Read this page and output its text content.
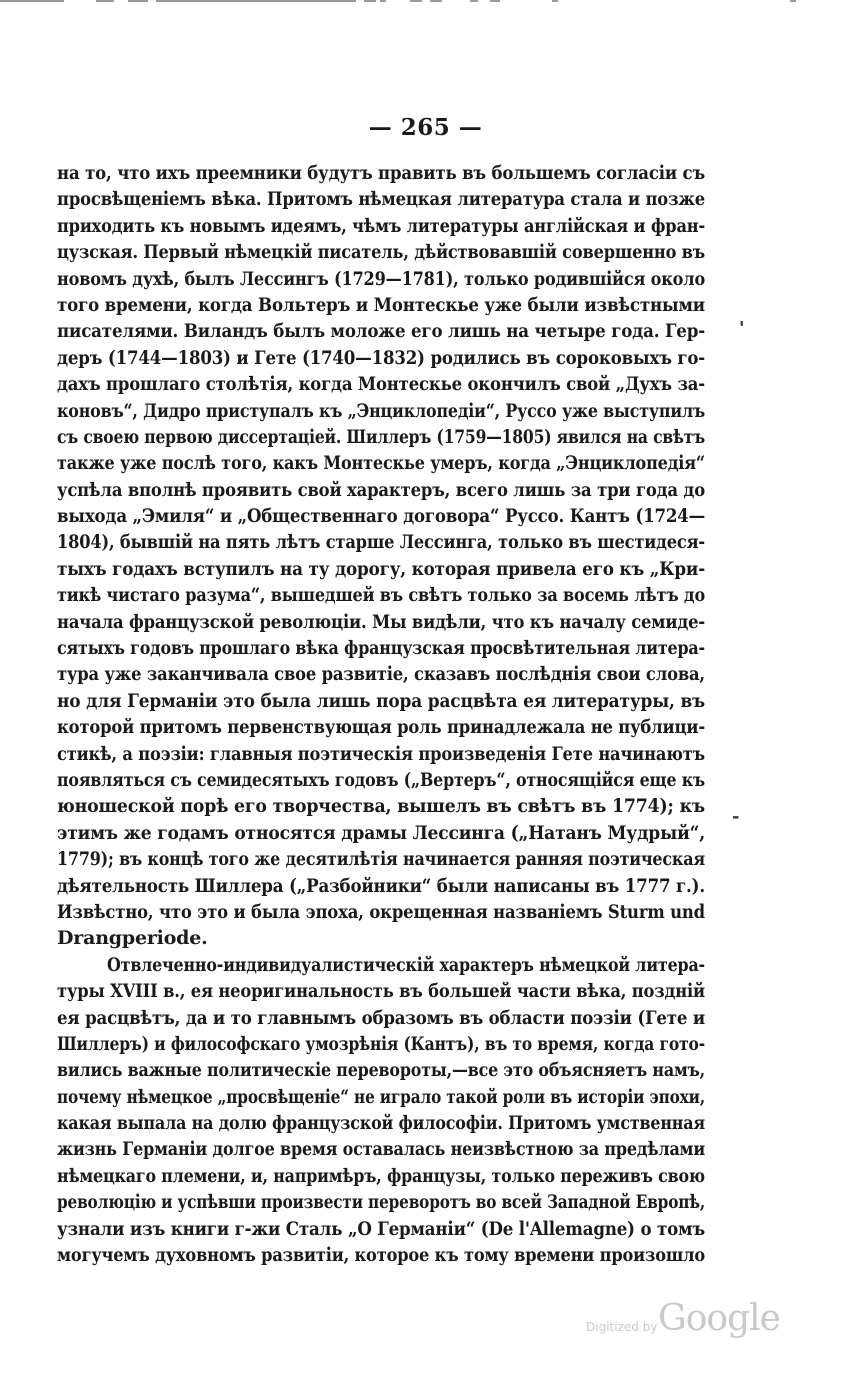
— 265 —
на то, что ихъ преемники будутъ править въ большемъ согласіи съ
просвѣщеніемъ вѣка. Притомъ нѣмецкая литература стала и позже
приходить къ новымъ идеямъ, чѣмъ литературы англійская и фран-
цузская. Первый нѣмецкій писатель, дѣйствовавшій совершенно въ
новомъ духѣ, былъ Лессингъ (1729—1781), только родившійся около
того времени, когда Вольтеръ и Монтескье уже были извѣстными
писателями. Виландъ былъ моложе его лишь на четыре года. Гер-
деръ (1744—1803) и Гете (1740—1832) родились въ сороковыхъ го-
дахъ прошлаго столѣтія, когда Монтескье окончилъ свой „Духъ за-
коновъ“, Дидро приступалъ къ „Энциклопедіи“, Руссо уже выступилъ
съ своею первою диссертаціей. Шиллеръ (1759—1805) явился на свѣтъ
также уже послѣ того, какъ Монтескье умеръ, когда „Энциклопедія“
успѣла вполнѣ проявить свой характеръ, всего лишь за три года до
выхода „Эмиля“ и „Общественнаго договора“ Руссо. Кантъ (1724—
1804), бывшій на пять лѣтъ старше Лессинга, только въ шестидеся-
тыхъ годахъ вступилъ на ту дорогу, которая привела его къ „Кри-
тикѣ чистаго разума“, вышедшей въ свѣтъ только за восемь лѣтъ до
начала французской революціи. Мы видѣли, что къ началу семиде-
сятыхъ годовъ прошлаго вѣка французская просвѣтительная литера-
тура уже заканчивала свое развитіе, сказавъ послѣднія свои слова,
но для Германіи это была лишь пора расцвѣта ея литературы, въ
которой притомъ первенствующая роль принадлежала не публици-
стикѣ, а поэзіи: главныя поэтическія произведенія Гете начинаютъ
появляться съ семидесятыхъ годовъ („Вертеръ“, относящійся еще къ
юношеской порѣ его творчества, вышелъ въ свѣтъ въ 1774); къ
этимъ же годамъ относятся драмы Лессинга („Натанъ Мудрый“,
1779); въ концѣ того же десятилѣтія начинается ранняя поэтическая
дѣятельность Шиллера („Разбойники“ были написаны въ 1777 г.).
Извѣстно, что это и была эпоха, окрещенная названіемъ Sturm und
Drangperiode.
Отвлеченно-индивидуалистическій характеръ нѣмецкой литера-
туры XVIII в., ея неоригинальность въ большей части вѣка, поздній
ея расцвѣтъ, да и то главнымъ образомъ въ области поэзіи (Гете и
Шиллеръ) и философскаго умозрѣнія (Кантъ), въ то время, когда гото-
вились важные политическіе перевороты,—все это объясняетъ намъ,
почему нѣмецкое „просвѣщеніе“ не играло такой роли въ исторіи эпохи,
какая выпала на долю французской философіи. Притомъ умственная
жизнь Германіи долгое время оставалась неизвѣстною за предѣлами
нѣмецкаго племени, и, напримѣръ, французы, только переживъ свою
революцію и успѣвши произвести переворотъ во всей Западной Европѣ,
узнали изъ книги г-жи Сталь „О Германіи“ (De l'Allemagne) о томъ
могучемъ духовномъ развитіи, которое къ тому времени произошло
'
-
Digitized by Google
